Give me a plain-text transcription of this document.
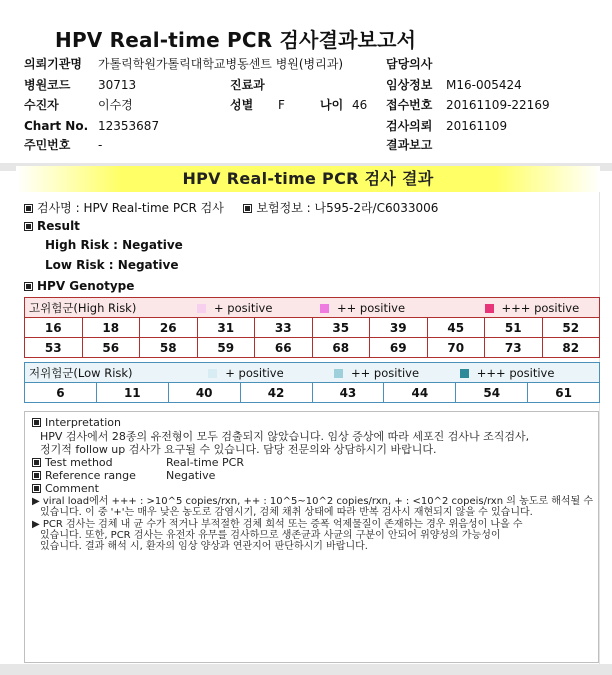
HPV Real-time PCR 검사결과보고서
의뢰기관명 가톨릭학원가톨릭대학교병동센트 병원(병리과)	담당의사
병원코드 30713	진료과	임상정보 M16-005424
수진자	이수경	성별 F	나이 46 접수번호 20161109-22169
Chart No. 12353687	검사의뢰 20161109
주민번호 -	결과보고
HPV Real-time PCR 검사 결과
검사명 : HPV Real-time PCR 검사	보험정보 : 나595-2라/C6033006
Result
High Risk : Negative
Low Risk : Negative
HPV Genotype
고위험군(High Risk)			+ positive		++ positive			+++ positive	
16	18	26	31	33	35	39	45	51	52
53	56	58	59	66	68	69	70	73	82
저위험군(Low Risk)		+ positive		++ positive		+++ positive	
6	11	40	42	43	44	54	61
Interpretation
HPV 검사에서 28종의 유전형이 모두 검출되지 않았습니다. 임상 증상에 따라 세포진 검사나 조직검사,
정기적 follow up 검사가 요구될 수 있습니다. 담당 전문의와 상담하시기 바랍니다.
Test method	Real-time PCR
Reference range	Negative
Comment
▶ viral load에서 +++ : >10^5 copies/rxn, ++ : 10^5~10^2 copies/rxn, + : <10^2 copeis/rxn 의 농도로 해석될 수
있습니다. 이 중 '+'는 매우 낮은 농도로 감염시기, 검체 채취 상태에 따라 반복 검사시 재현되지 않을 수 있습니다.
▶ PCR 검사는 검체 내 균 수가 적거나 부적절한 검체 희석 또는 증폭 억제물질이 존재하는 경우 위음성이 나올 수
있습니다. 또한, PCR 검사는 유전자 유무를 검사하므로 생존균과 사균의 구분이 안되어 위양성의 가능성이
있습니다. 결과 해석 시, 환자의 임상 양상과 연관지어 판단하시기 바랍니다.
